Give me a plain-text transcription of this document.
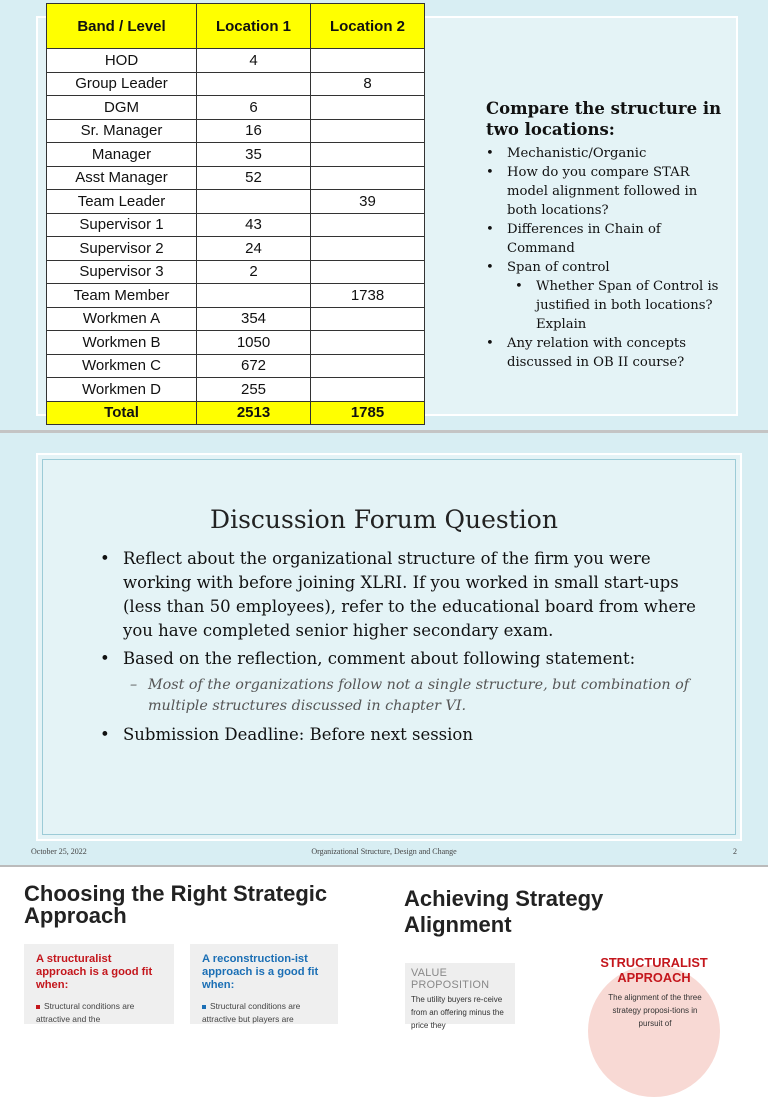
Band / Level	Location 1	Location 2
HOD	4	
Group Leader		8
DGM	6	
Sr. Manager	16	
Manager	35	
Asst Manager	52	
Team Leader		39
Supervisor 1	43	
Supervisor 2	24	
Supervisor 3	2	
Team Member		1738
Workmen A	354	
Workmen B	1050	
Workmen C	672	
Workmen D	255	
Total	2513	1785
Compare the structure in two locations:
• Mechanistic/Organic
• How do you compare STAR model alignment followed in both locations?
• Differences in Chain of Command
• Span of control
• Whether Span of Control is justified in both locations? Explain
• Any relation with concepts discussed in OB II course?
Discussion Forum Question
• Reflect about the organizational structure of the firm you were working with before joining XLRI. If you worked in small start-ups (less than 50 employees), refer to the educational board from where you have completed senior higher secondary exam.
• Based on the reflection, comment about following statement:
– Most of the organizations follow not a single structure, but combination of multiple structures discussed in chapter VI.
• Submission Deadline: Before next session
October 25, 2022	Organizational Structure, Design and Change	2
Choosing the Right Strategic Approach
A structuralist approach is a good fit when:
Structural conditions are attractive and the
A reconstruction-ist approach is a good fit when:
Structural conditions are attractive but players are
Achieving Strategy Alignment
VALUE PROPOSITION
The utility buyers re-ceive from an offering minus the price they
STRUCTURALIST APPROACH
The alignment of the three strategy proposi-tions in pursuit of
